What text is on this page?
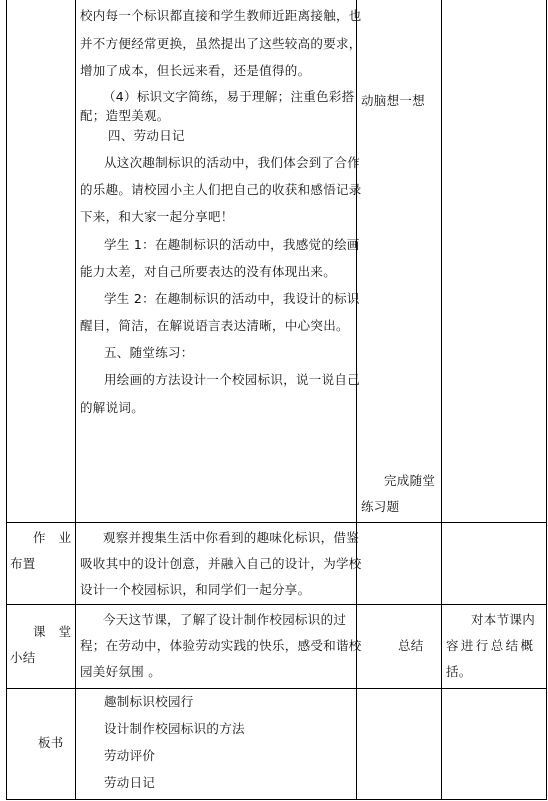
校内每一个标识都直接和学生教师近距离接触，也
并不方便经常更换，虽然提出了这些较高的要求，
增加了成本，但长远来看，还是值得的。
（4）标识文字简练，易于理解；注重色彩搭
配；造型美观。
四、劳动日记
从这次趣制标识的活动中，我们体会到了合作
的乐趣。请校园小主人们把自己的收获和感悟记录
下来，和大家一起分享吧！
学生 1：在趣制标识的活动中，我感觉的绘画
能力太差，对自己所要表达的没有体现出来。
学生 2：在趣制标识的活动中，我设计的标识
醒目，简洁，在解说语言表达清晰，中心突出。
五、随堂练习：
用绘画的方法设计一个校园标识，说一说自己
的解说词。
动脑想一想
完成随堂
练习题
作　业
布置
观察并搜集生活中你看到的趣味化标识，借鉴
吸收其中的设计创意，并融入自己的设计，为学校
设计一个校园标识，和同学们一起分享。
课　堂
小结
今天这节课，了解了设计制作校园标识的过
程；在劳动中，体验劳动实践的快乐，感受和谐校
园美好氛围 。
总结
对本节课内
容进行总结概
括。
板书
趣制标识校园行
设计制作校园标识的方法
劳动评价
劳动日记
